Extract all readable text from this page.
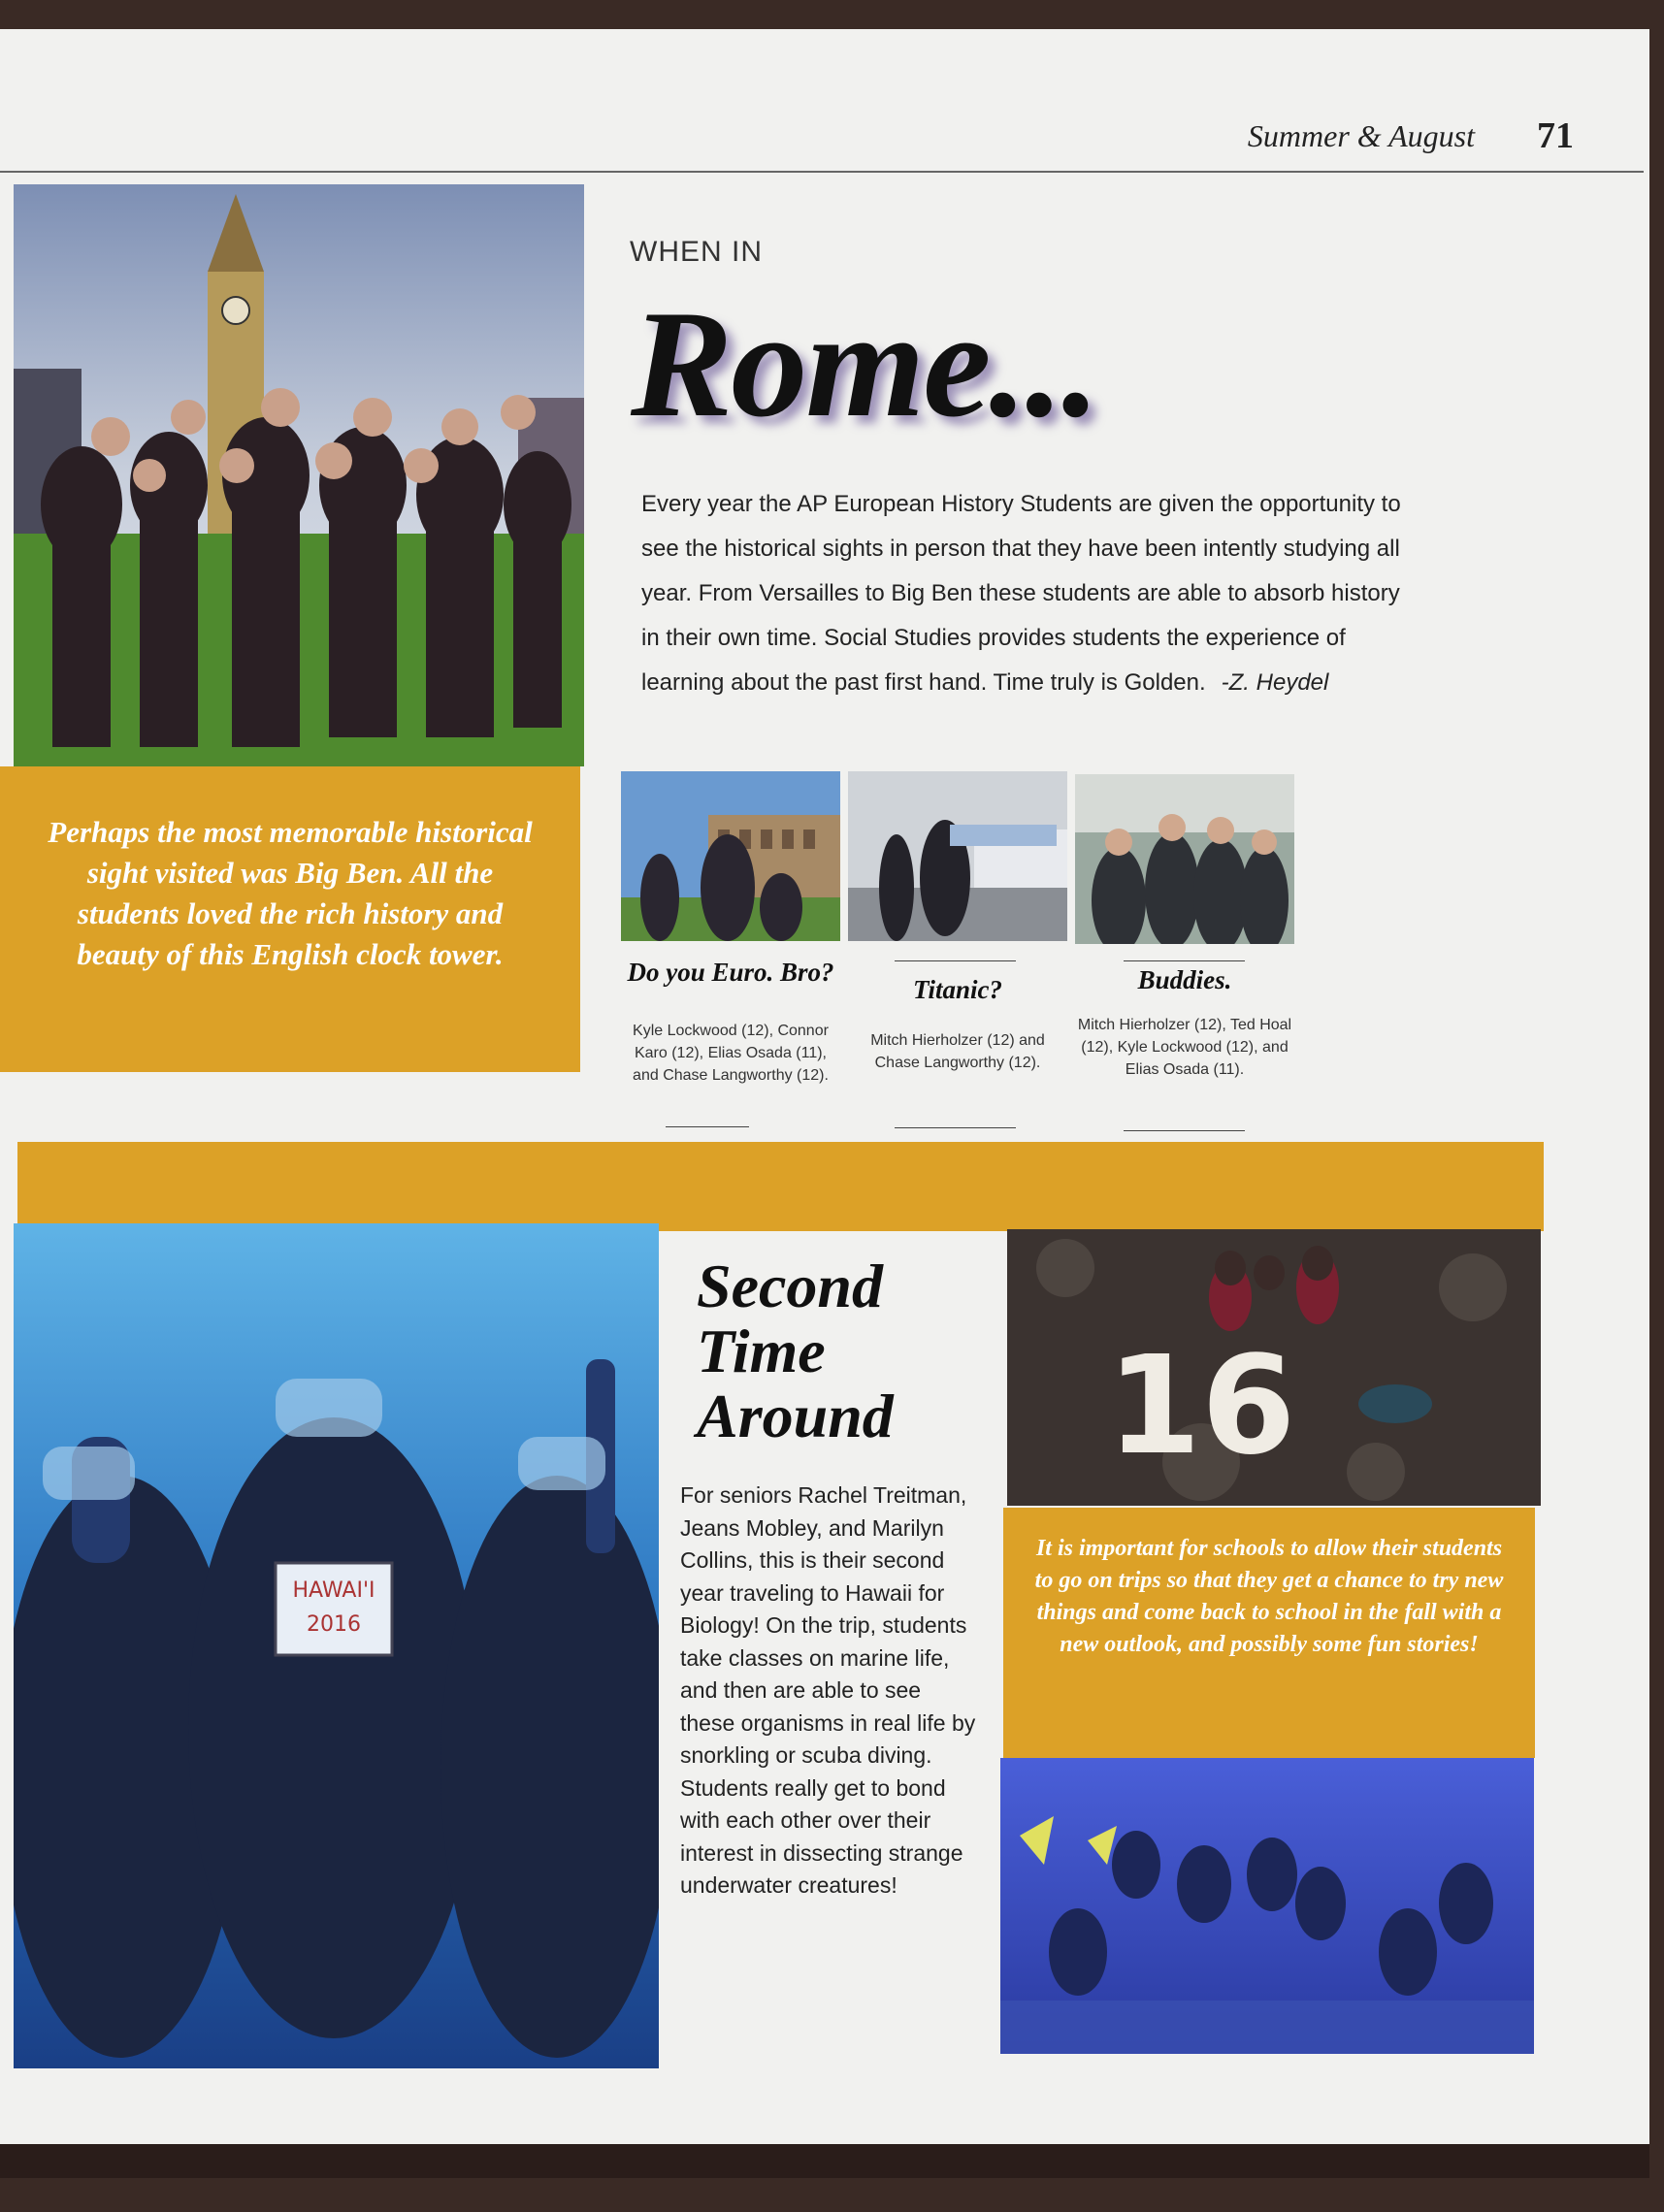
Summer & August 71
WHEN IN
Rome...
Every year the AP European History Students are given the opportunity to
see the historical sights in person that they have been intently studying all
year. From Versailles to Big Ben these students are able to absorb history
in their own time. Social Studies provides students the experience of
learning about the past first hand. Time truly is Golden. -Z. Heydel
Perhaps the most memorable historical sight visited was Big Ben. All the students loved the rich history and beauty of this English clock tower.
Do you Euro. Bro?
Kyle Lockwood (12), Connor Karo (12), Elias Osada (11), and Chase Langworthy (12).
Titanic?
Mitch Hierholzer (12) and Chase Langworthy (12).
Buddies.
Mitch Hierholzer (12), Ted Hoal (12), Kyle Lockwood (12), and Elias Osada (11).
HAWAI'I
2016
Second
Time
Around
For seniors Rachel Treitman, Jeans Mobley, and Marilyn Collins, this is their second year traveling to Hawaii for Biology! On the trip, students take classes on marine life, and then are able to see these organisms in real life by snorkling or scuba diving. Students really get to bond with each other over their interest in dissecting strange underwater creatures!
16
It is important for schools to allow their students to go on trips so that they get a chance to try new things and come back to school in the fall with a new outlook, and possibly some fun stories!
